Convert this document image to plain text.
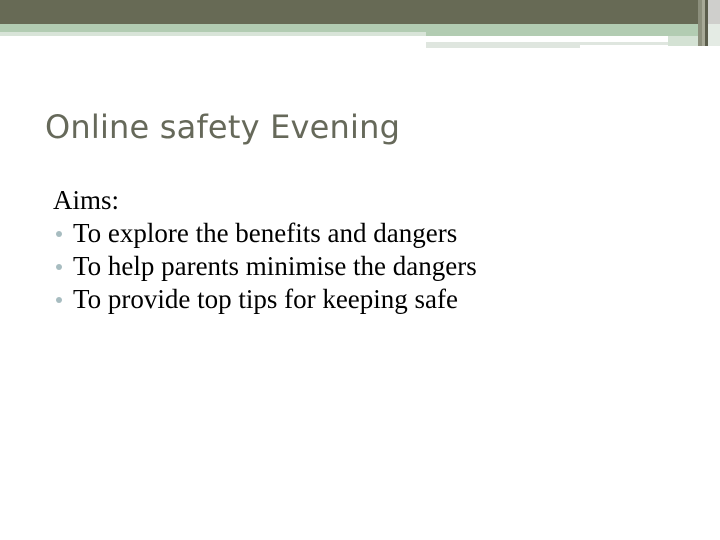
Online safety Evening
Aims:
To explore the benefits and dangers
To help parents minimise the dangers
To provide top tips for keeping safe
